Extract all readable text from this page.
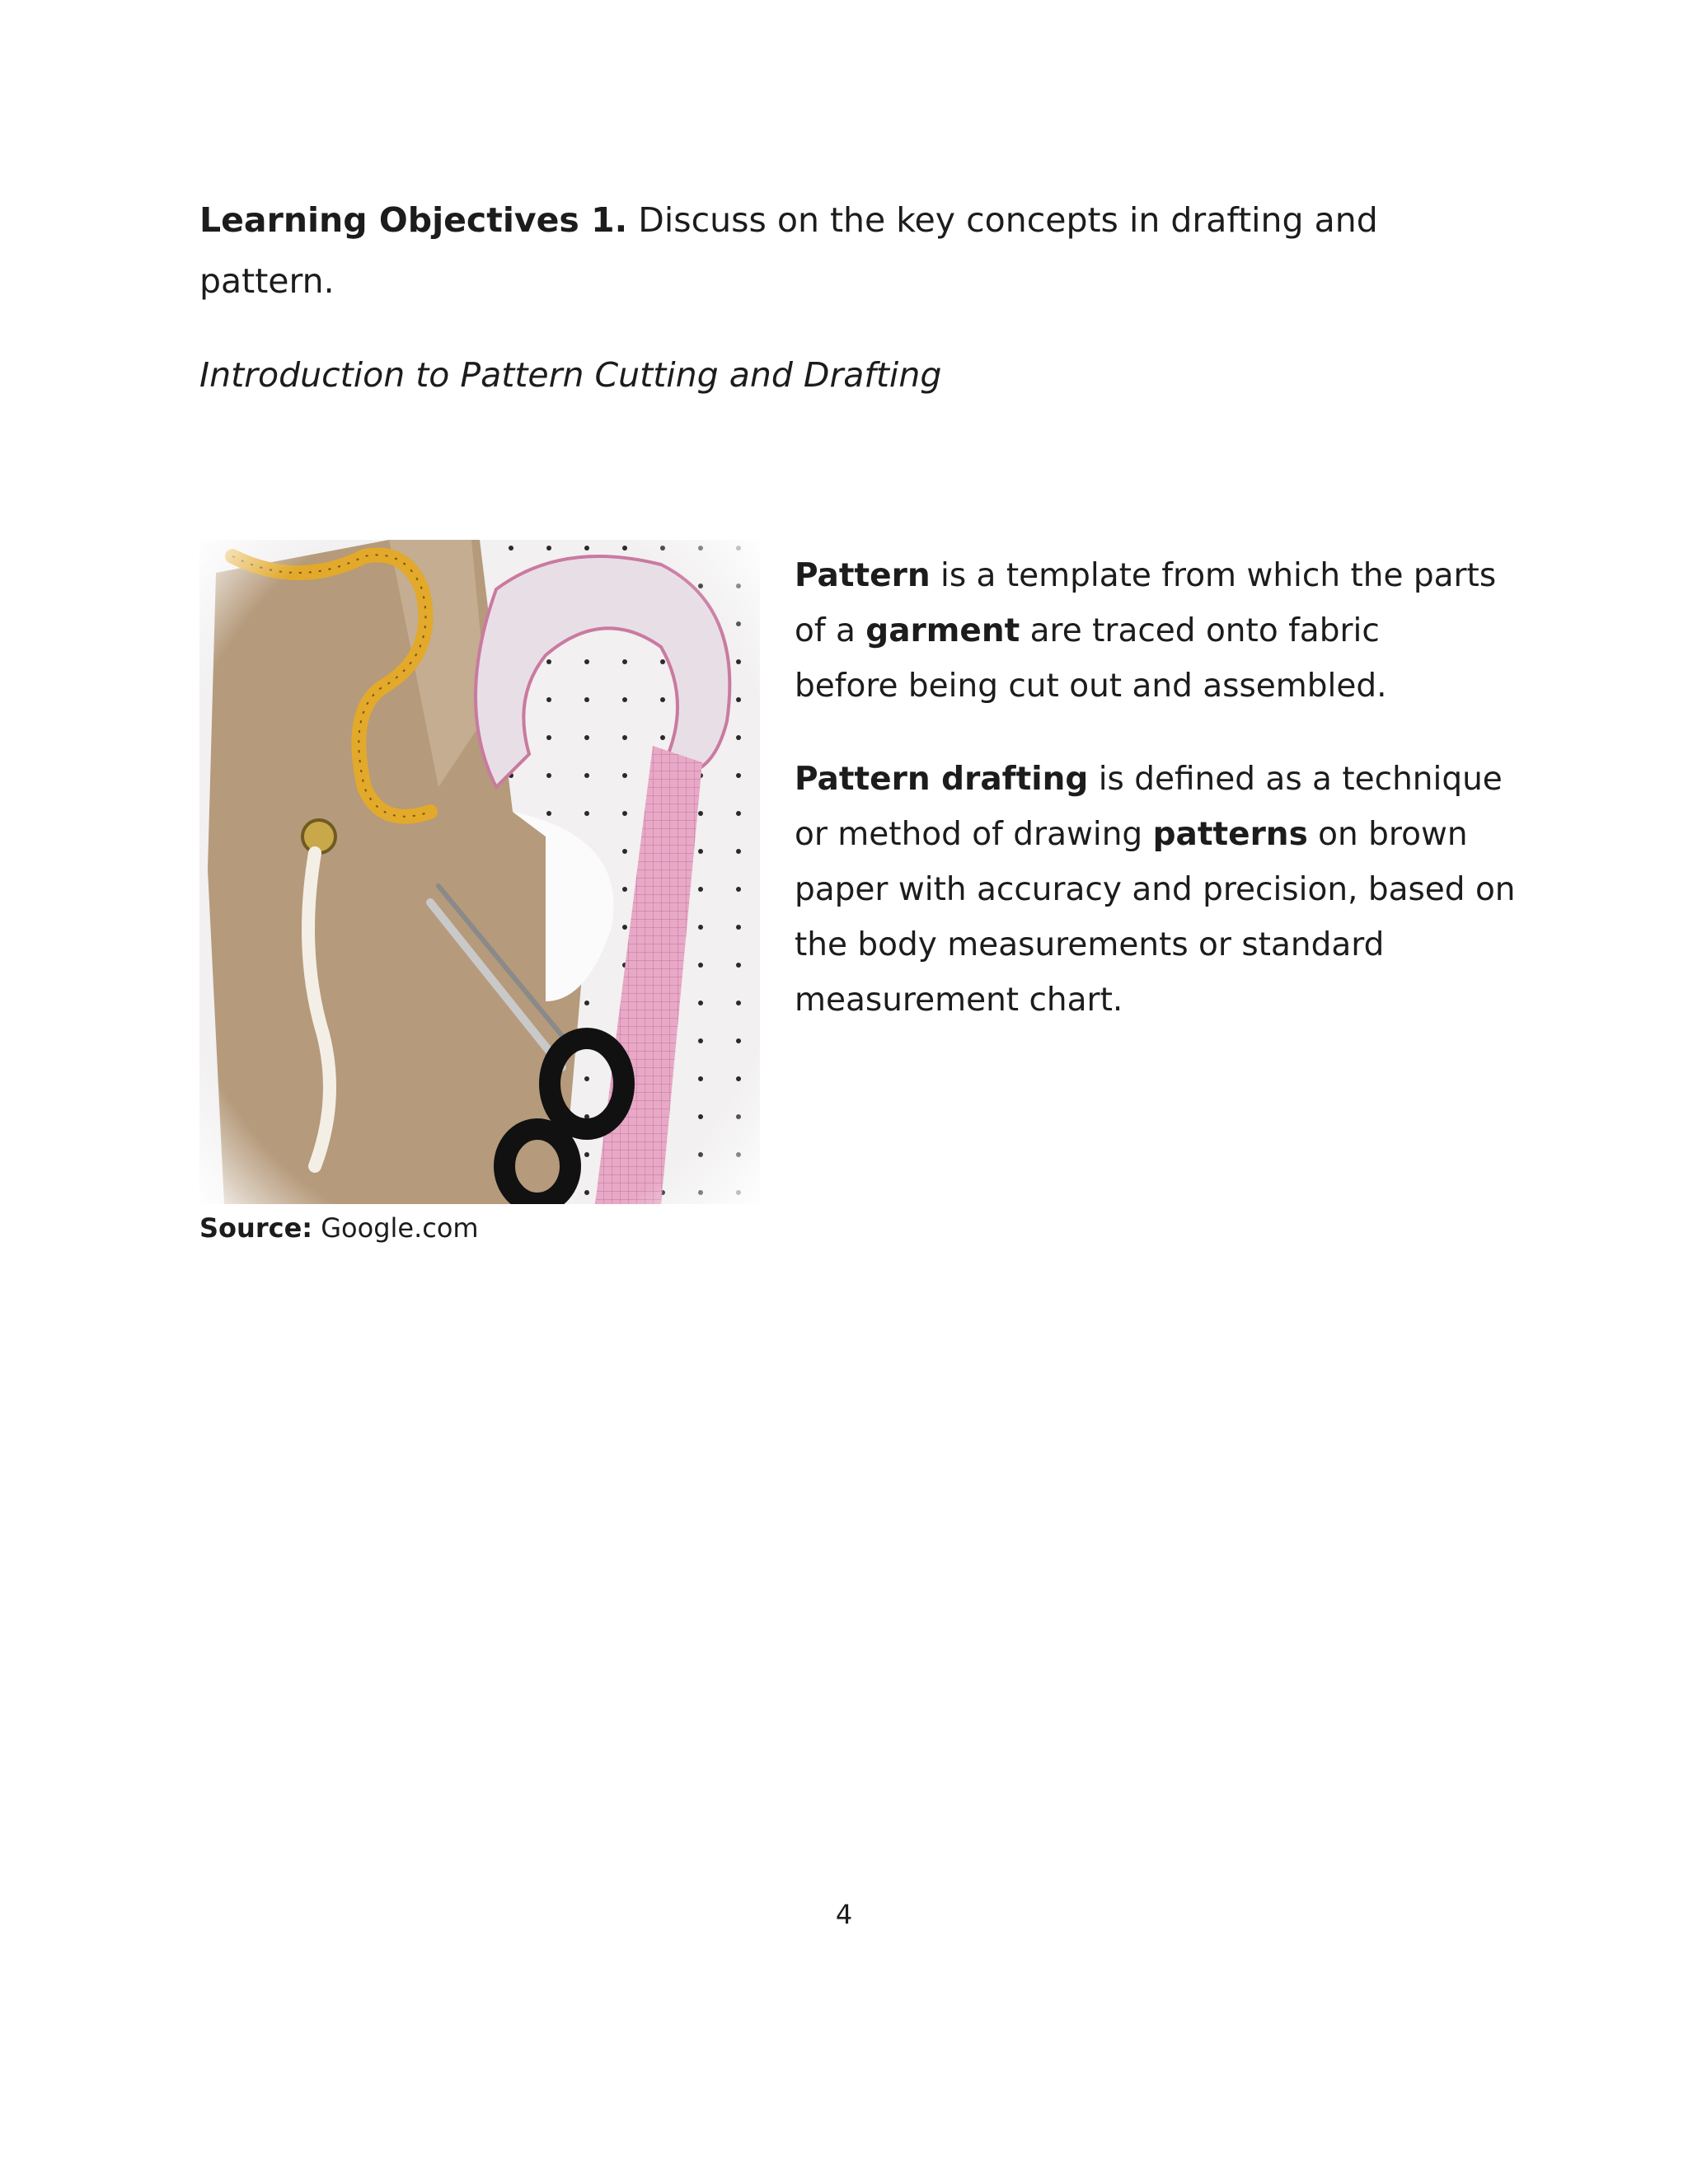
Learning Objectives 1. Discuss on the key concepts in drafting and pattern.
Introduction to Pattern Cutting and Drafting
Source: Google.com

Pattern is a template from which the parts of a garment are traced onto fabricbefore being cut out and assembled.

Pattern drafting is defined as a technique or method of drawing patterns on brown paper with accuracy and precision, based on the body measurements or standard measurement chart.

4
